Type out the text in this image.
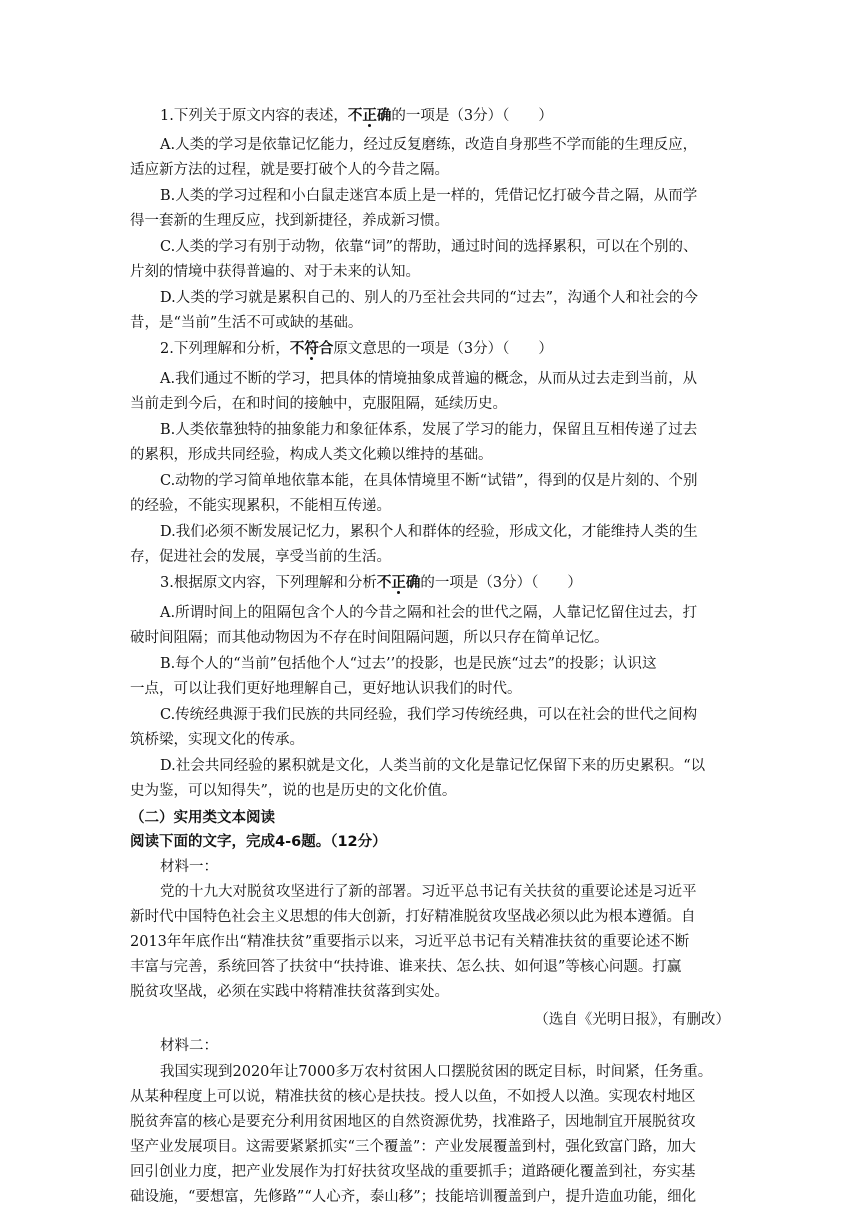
1.下列关于原文内容的表述，不正确的一项是（3分）（　　）
A.人类的学习是依靠记忆能力，经过反复磨练，改造自身那些不学而能的生理反应，
适应新方法的过程，就是要打破个人的今昔之隔。
B.人类的学习过程和小白鼠走迷宫本质上是一样的，凭借记忆打破今昔之隔，从而学
得一套新的生理反应，找到新捷径，养成新习惯。
C.人类的学习有别于动物，依靠“词”的帮助，通过时间的选择累积，可以在个别的、
片刻的情境中获得普遍的、对于未来的认知。
D.人类的学习就是累积自己的、别人的乃至社会共同的“过去”，沟通个人和社会的今
昔，是“当前”生活不可或缺的基础。
2.下列理解和分析，不符合原文意思的一项是（3分）（　　）
A.我们通过不断的学习，把具体的情境抽象成普遍的概念，从而从过去走到当前，从
当前走到今后，在和时间的接触中，克服阻隔，延续历史。
B.人类依靠独特的抽象能力和象征体系，发展了学习的能力，保留且互相传递了过去
的累积，形成共同经验，构成人类文化赖以维持的基础。
C.动物的学习简单地依靠本能，在具体情境里不断“试错”，得到的仅是片刻的、个别
的经验，不能实现累积，不能相互传递。
D.我们必须不断发展记忆力，累积个人和群体的经验，形成文化，才能维持人类的生
存，促进社会的发展，享受当前的生活。
3.根据原文内容，下列理解和分析不正确的一项是（3分）（　　）
A.所谓时间上的阻隔包含个人的今昔之隔和社会的世代之隔，人靠记忆留住过去，打
破时间阻隔；而其他动物因为不存在时间阻隔问题，所以只存在简单记忆。
B.每个人的“当前”包括他个人“过去’’的投影，也是民族“过去”的投影；认识这
一点，可以让我们更好地理解自己，更好地认识我们的时代。
C.传统经典源于我们民族的共同经验，我们学习传统经典，可以在社会的世代之间构
筑桥梁，实现文化的传承。
D.社会共同经验的累积就是文化，人类当前的文化是靠记忆保留下来的历史累积。“以
史为鉴，可以知得失”，说的也是历史的文化价值。
（二）实用类文本阅读
阅读下面的文字，完成4-6题。（12分）
材料一：
党的十九大对脱贫攻坚进行了新的部署。习近平总书记有关扶贫的重要论述是习近平
新时代中国特色社会主义思想的伟大创新，打好精准脱贫攻坚战必须以此为根本遵循。自
2013年年底作出“精准扶贫”重要指示以来，习近平总书记有关精准扶贫的重要论述不断
丰富与完善，系统回答了扶贫中“扶持谁、谁来扶、怎么扶、如何退”等核心问题。打赢
脱贫攻坚战，必须在实践中将精准扶贫落到实处。
（选自《光明日报》，有删改）
材料二：
我国实现到2020年让7000多万农村贫困人口摆脱贫困的既定目标，时间紧，任务重。
从某种程度上可以说，精准扶贫的核心是扶技。授人以鱼，不如授人以渔。实现农村地区
脱贫奔富的核心是要充分利用贫困地区的自然资源优势，找准路子，因地制宜开展脱贫攻
坚产业发展项目。这需要紧紧抓实“三个覆盖”：产业发展覆盖到村，强化致富门路，加大
回引创业力度，把产业发展作为打好扶贫攻坚战的重要抓手；道路硬化覆盖到社，夯实基
础设施，“要想富，先修路”“人心齐，泰山移”；技能培训覆盖到户，提升造血功能，细化
